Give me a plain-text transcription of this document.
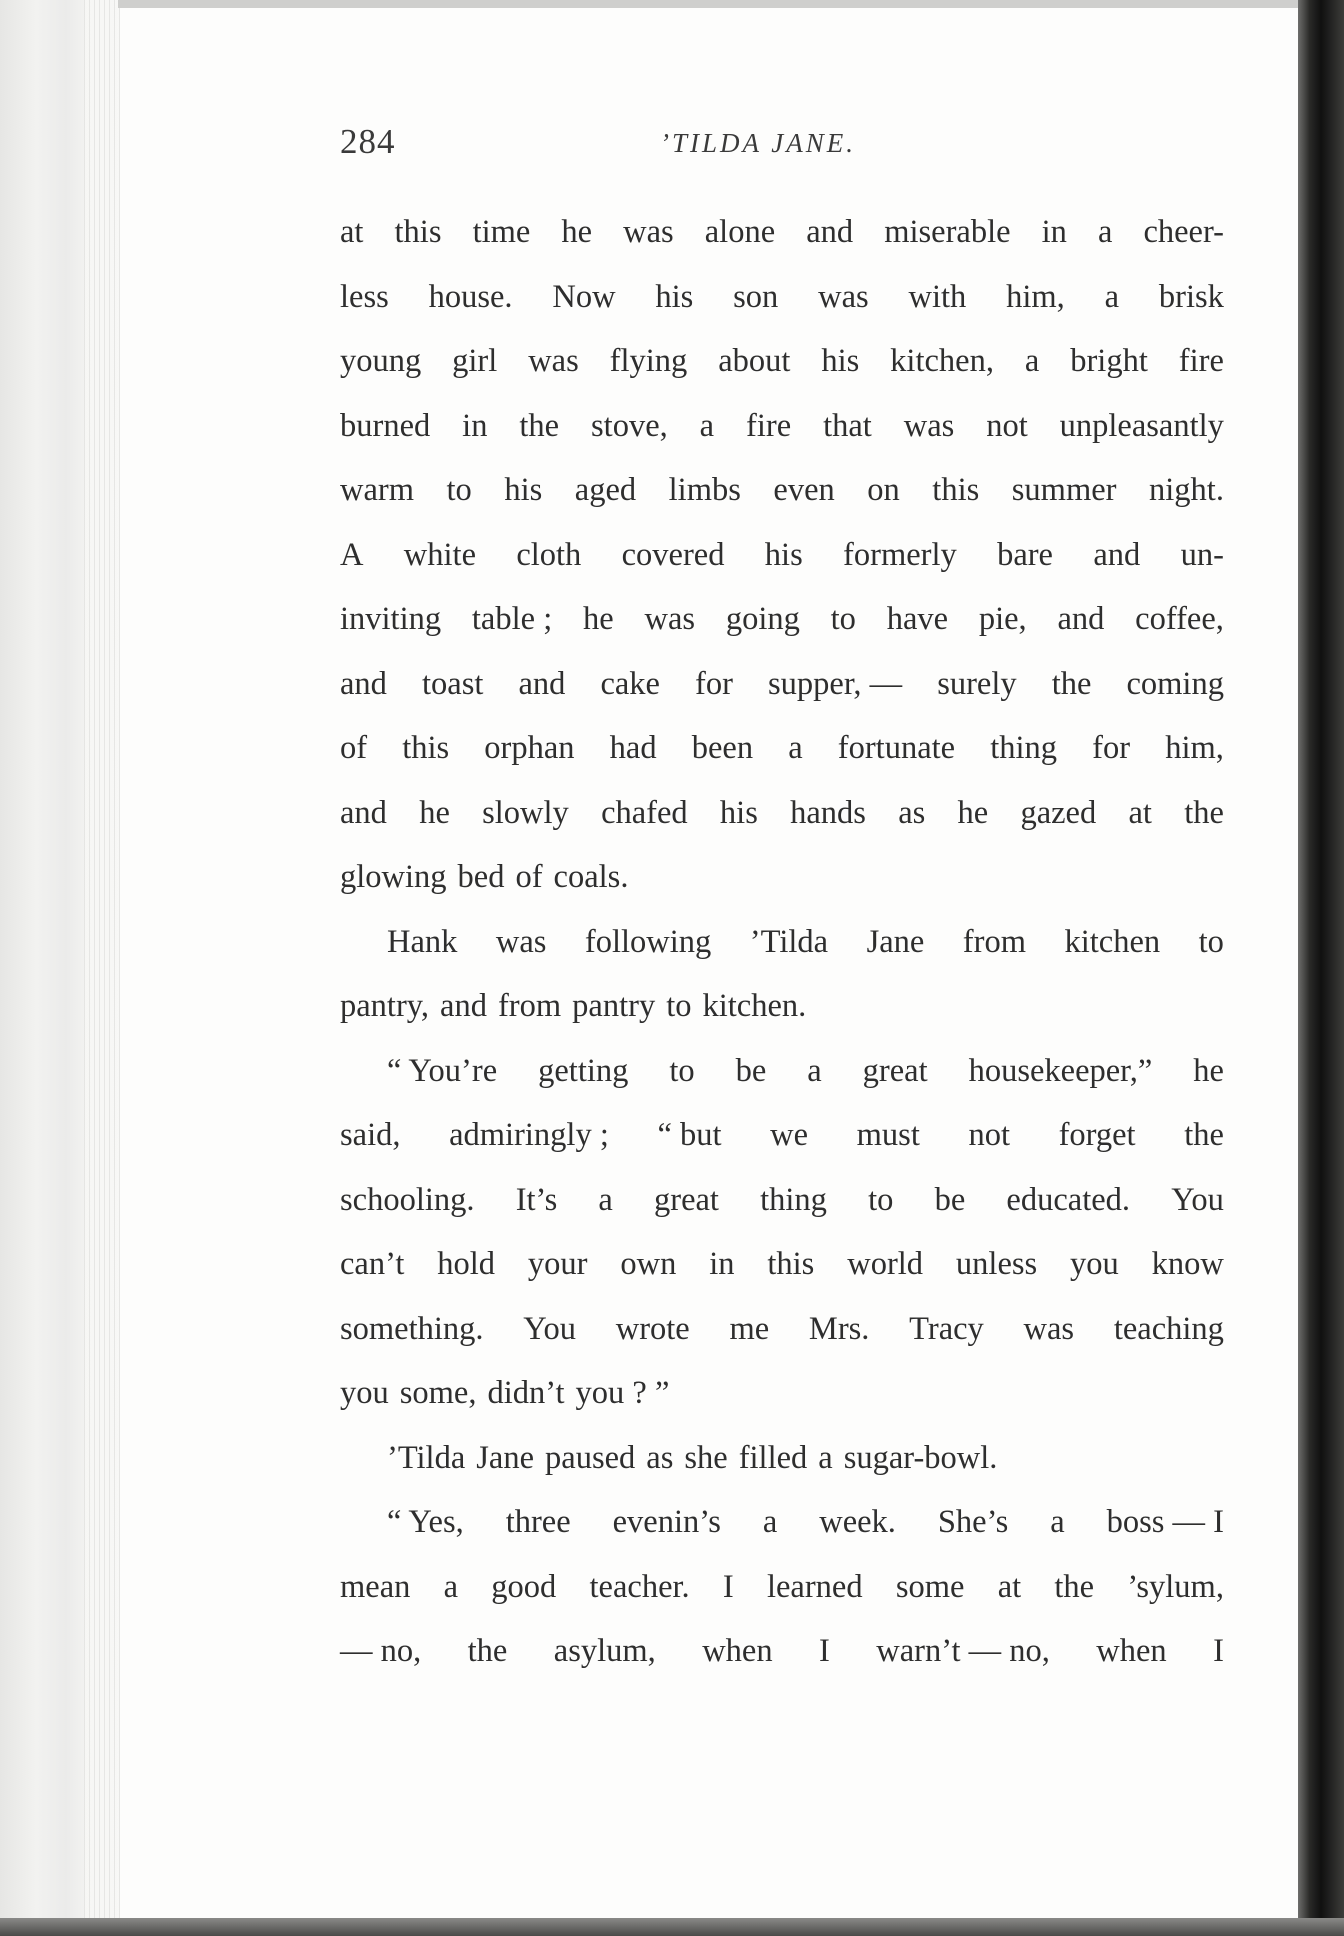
284	’TILDA JANE.
at this time he was alone and miserable in a cheer-
less house. Now his son was with him, a brisk
young girl was flying about his kitchen, a bright fire
burned in the stove, a fire that was not unpleasantly
warm to his aged limbs even on this summer night.
A white cloth covered his formerly bare and un-
inviting table ; he was going to have pie, and coffee,
and toast and cake for supper, — surely the coming
of this orphan had been a fortunate thing for him,
and he slowly chafed his hands as he gazed at the
glowing bed of coals.
Hank was following ’Tilda Jane from kitchen to
pantry, and from pantry to kitchen.
“ You’re getting to be a great housekeeper,” he
said, admiringly ; “ but we must not forget the
schooling. It’s a great thing to be educated. You
can’t hold your own in this world unless you know
something. You wrote me Mrs. Tracy was teaching
you some, didn’t you ? ”
’Tilda Jane paused as she filled a sugar-bowl.
“ Yes, three evenin’s a week. She’s a boss — I
mean a good teacher. I learned some at the ’sylum,
— no, the asylum, when I warn’t — no, when I
